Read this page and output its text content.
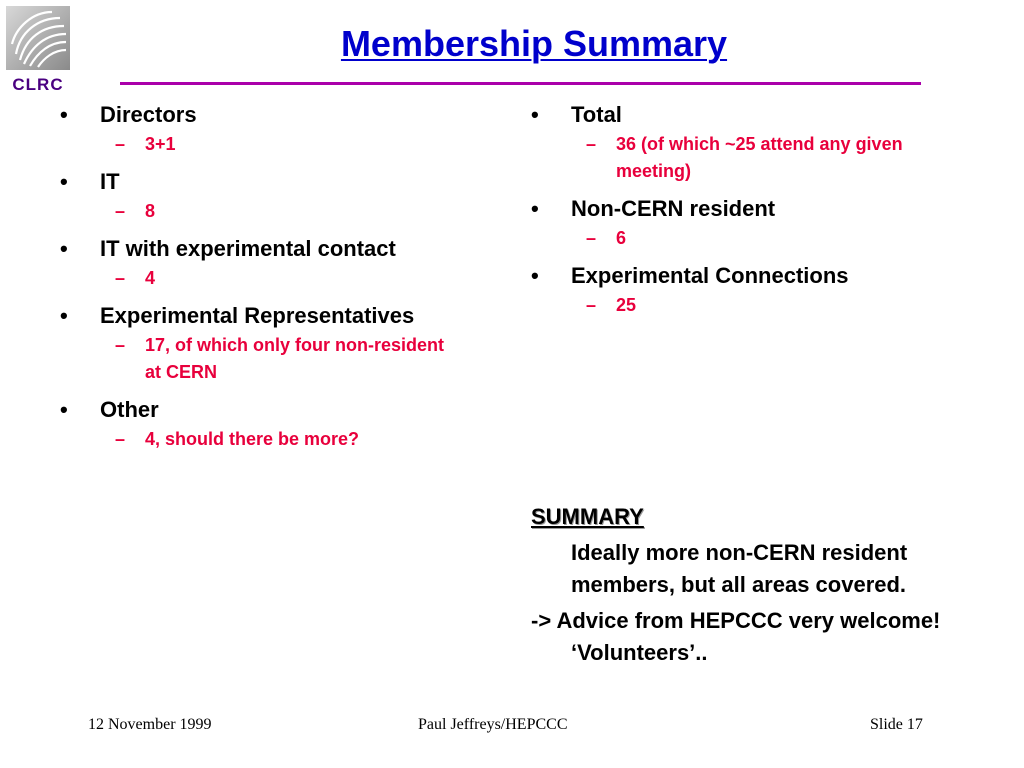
CLRC
Membership Summary

•	Directors

– 3+1

•	IT

– 8

•	IT with experimental contact

– 4

•	Experimental Representatives

– 17, of which only four non-resident at CERN

•	Other

– 4, should there be more?

•	Total

– 36 (of which ~25 attend any given meeting)

•	Non-CERN resident

– 6

•	Experimental Connections

– 25

SUMMARY

Ideally more non-CERN resident members, but all areas covered.

-> Advice from HEPCCC very welcome! ‘Volunteers’..

12 November 1999	Paul Jeffreys/HEPCCC	Slide 17
